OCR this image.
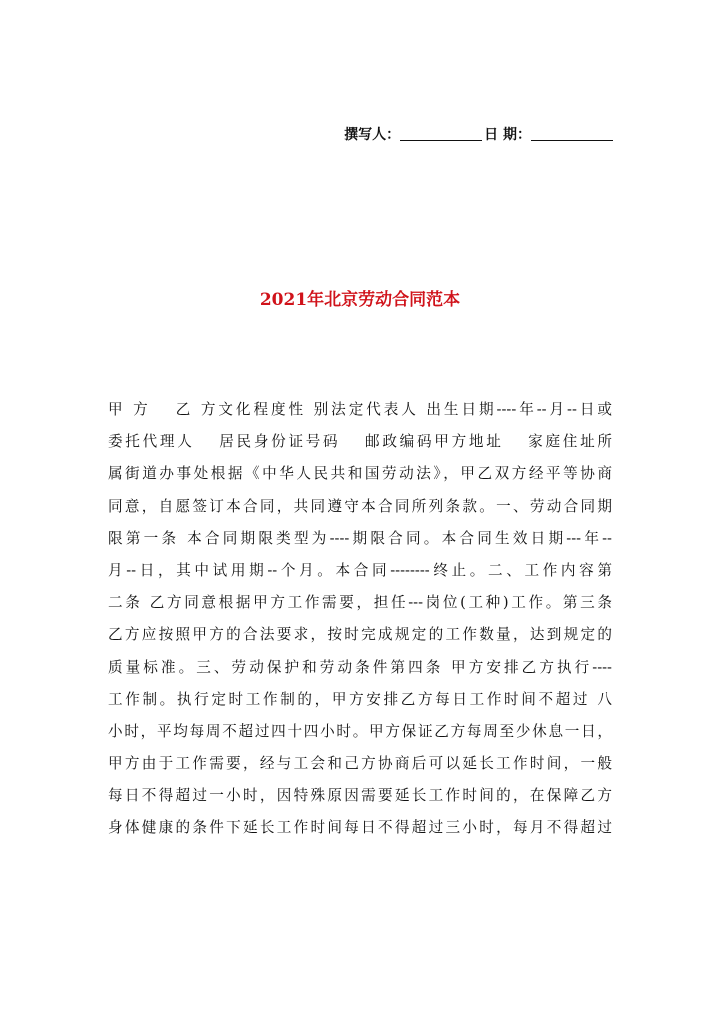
撰写人：	日 期：
2021年北京劳动合同范本
甲 方　 乙 方文化程度性 别法定代表人 出生日期----年--月--日或
委托代理人　 居民身份证号码　 邮政编码甲方地址　 家庭住址所
属街道办事处根据《中华人民共和国劳动法》，甲乙双方经平等协商
同意，自愿签订本合同，共同遵守本合同所列条款。一、劳动合同期
限第一条 本合同期限类型为----期限合同。本合同生效日期---年--
月--日，其中试用期--个月。本合同--------终止。二、工作内容第
二条 乙方同意根据甲方工作需要，担任---岗位(工种)工作。第三条
乙方应按照甲方的合法要求，按时完成规定的工作数量，达到规定的
质量标准。三、劳动保护和劳动条件第四条 甲方安排乙方执行----
工作制。执行定时工作制的，甲方安排乙方每日工作时间不超过 八
小时，平均每周不超过四十四小时。甲方保证乙方每周至少休息一日，
甲方由于工作需要，经与工会和己方协商后可以延长工作时间，一般
每日不得超过一小时，因特殊原因需要延长工作时间的，在保障乙方
身体健康的条件下延长工作时间每日不得超过三小时，每月不得超过
